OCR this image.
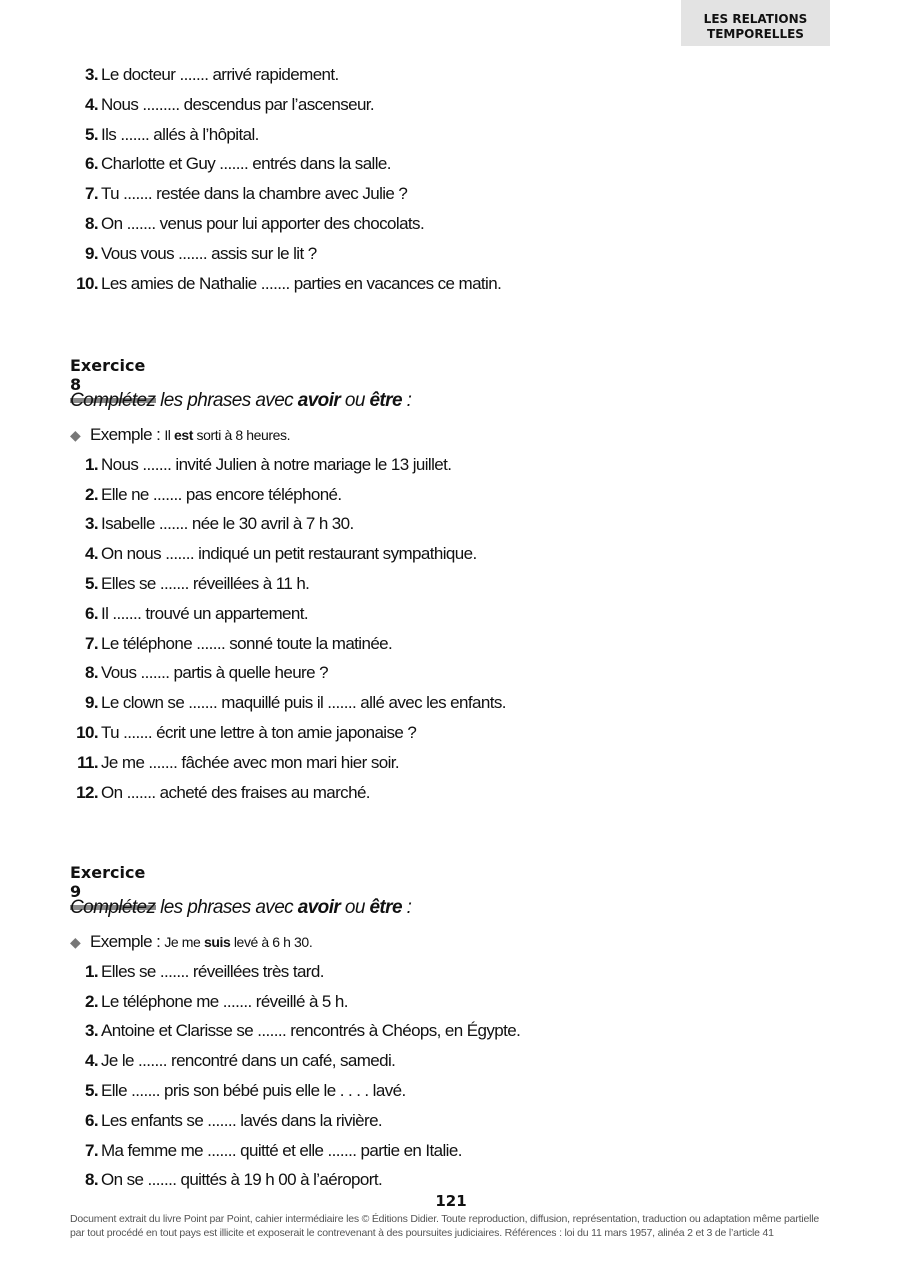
LES RELATIONS
TEMPORELLES
3. Le docteur ....... arrivé rapidement.
4. Nous ......... descendus par l’ascenseur.
5. Ils ....... allés à l’hôpital.
6. Charlotte et Guy ....... entrés dans la salle.
7. Tu ....... restée dans la chambre avec Julie ?
8. On ....... venus pour lui apporter des chocolats.
9. Vous vous ....... assis sur le lit ?
10. Les amies de Nathalie ....... parties en vacances ce matin.
Exercice 8

Complétez les phrases avec avoir ou être :

◆ Exemple : Il est sorti à 8 heures.
1. Nous ....... invité Julien à notre mariage le 13 juillet.
2. Elle ne ....... pas encore téléphoné.
3. Isabelle ....... née le 30 avril à 7 h 30.
4. On nous ....... indiqué un petit restaurant sympathique.
5. Elles se ....... réveillées à 11 h.
6. Il ....... trouvé un appartement.
7. Le téléphone ....... sonné toute la matinée.
8. Vous ....... partis à quelle heure ?
9. Le clown se ....... maquillé puis il ....... allé avec les enfants.
10. Tu ....... écrit une lettre à ton amie japonaise ?
11. Je me ....... fâchée avec mon mari hier soir.
12. On ....... acheté des fraises au marché.
Exercice 9

Complétez les phrases avec avoir ou être :

◆ Exemple : Je me suis levé à 6 h 30.
1. Elles se ....... réveillées très tard.
2. Le téléphone me ....... réveillé à 5 h.
3. Antoine et Clarisse se ....... rencontrés à Chéops, en Égypte.
4. Je le ....... rencontré dans un café, samedi.
5. Elle ....... pris son bébé puis elle le . . . . lavé.
6. Les enfants se ....... lavés dans la rivière.
7. Ma femme me ....... quitté et elle ....... partie en Italie.
8. On se ....... quittés à 19 h 00 à l’aéroport.
121
Document extrait du livre Point par Point, cahier intermédiaire les © Éditions Didier. Toute reproduction, diffusion, représentation, traduction ou adaptation même partielle par tout procédé en tout pays est illicite et exposerait le contrevenant à des poursuites judiciaires. Références : loi du 11 mars 1957, alinéa 2 et 3 de l’article 41
